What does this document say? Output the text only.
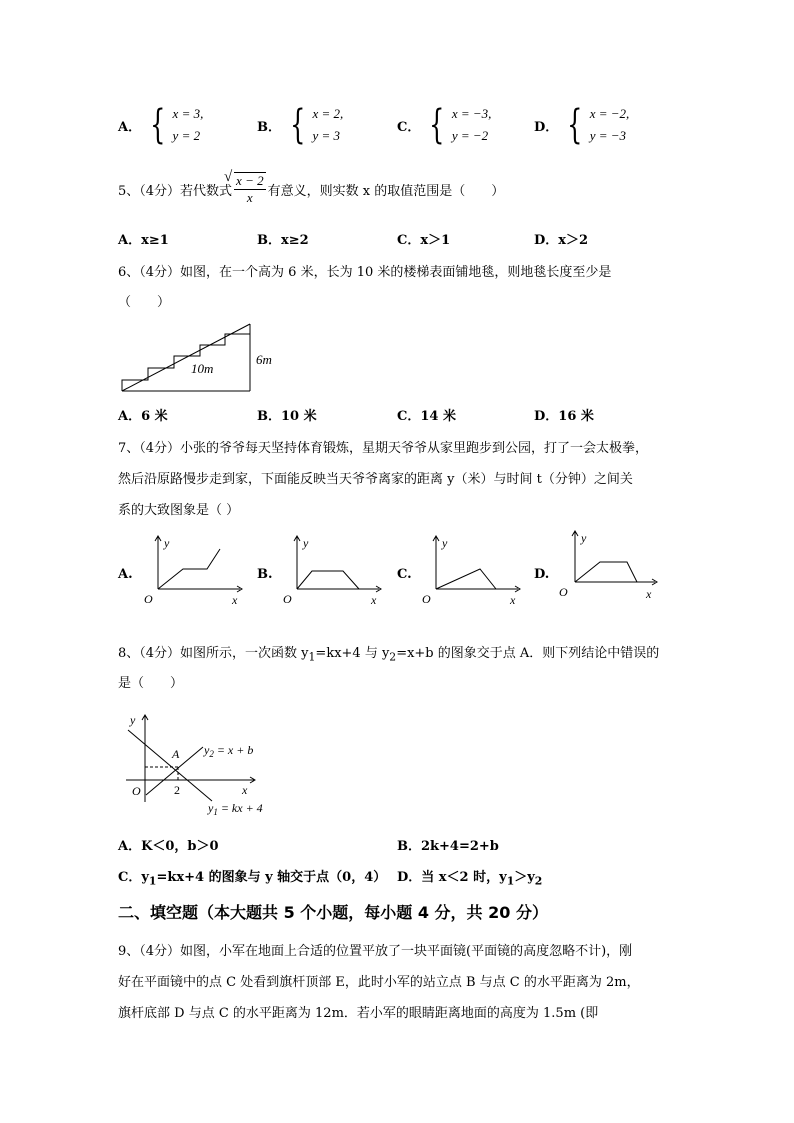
A． { x = 3,
y = 2
B． { x = 2,
y = 3
C． { x = −3,
y = −2
D． { x = −2,
y = −3
5、（4分）若代数式
√ x − 2
x 有意义，则实数 x 的取值范围是（　　）
A．x≥1	B．x≥2	C．x＞1	D．x＞2
6、（4分）如图，在一个高为 6 米，长为 10 米的楼梯表面铺地毯，则地毯长度至少是
（　　）
10m
6m
A．6 米	B．10 米	C．14 米	D．16 米
7、（4分）小张的爷爷每天坚持体育锻炼，星期天爷爷从家里跑步到公园，打了一会太极拳，
然后沿原路慢步走到家，下面能反映当天爷爷离家的距离 y（米）与时间 t（分钟）之间关
系的大致图象是（ ）
A.
y
O	x
B.
y
O	x
C.
y
O	x
D.
y
O	x
8、（4分）如图所示，一次函数 $y_1=kx+4$ 与 $y_2=x+b$ 的图象交于点 A．则下列结论中错误的
是（　　）
y
O	x
A
2
$y_2 = x + b$
$y_1$ = kx + 4
A．K＜0，b＞0	B．2k+4=2+b
C．$y_1=kx+4$ 的图象与 y 轴交于点（0，4） D．当 x＜2 时，$y_1>y_2$
二、填空题（本大题共 5 个小题，每小题 4 分，共 20 分）
9、（4分）如图，小军在地面上合适的位置平放了一块平面镜(平面镜的高度忽略不计)，刚
好在平面镜中的点 C 处看到旗杆顶部 E，此时小军的站立点 B 与点 C 的水平距离为 2m，
旗杆底部 D 与点 C 的水平距离为 12m．若小军的眼睛距离地面的高度为 1.5m (即
